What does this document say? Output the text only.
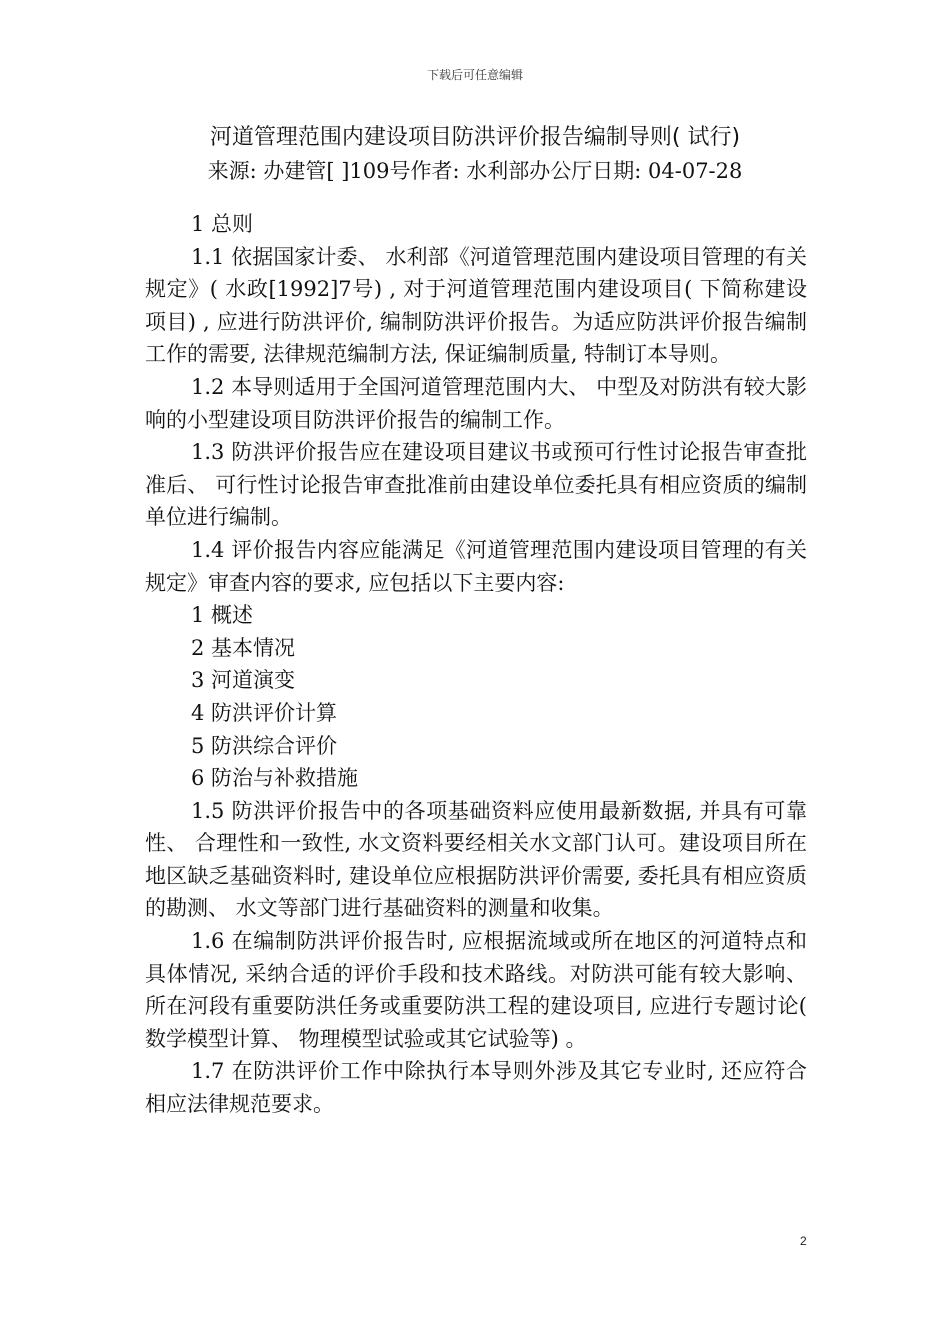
下载后可任意编辑
河道管理范围内建设项目防洪评价报告编制导则( 试行)
来源: 办建管[ ]109号作者: 水利部办公厅日期: 04-07-28

1 总则

1.1 依据国家计委、 水利部《河道管理范围内建设项目管理的有关规定》( 水政[1992]7号) , 对于河道管理范围内建设项目( 下简称建设项目) , 应进行防洪评价, 编制防洪评价报告。为适应防洪评价报告编制工作的需要, 法律规范编制方法, 保证编制质量, 特制订本导则。

1.2 本导则适用于全国河道管理范围内大、 中型及对防洪有较大影响的小型建设项目防洪评价报告的编制工作。

1.3 防洪评价报告应在建设项目建议书或预可行性讨论报告审查批准后、 可行性讨论报告审查批准前由建设单位委托具有相应资质的编制单位进行编制。

1.4 评价报告内容应能满足《河道管理范围内建设项目管理的有关规定》审查内容的要求, 应包括以下主要内容:

1 概述

2 基本情况

3 河道演变

4 防洪评价计算

5 防洪综合评价

6 防治与补救措施

1.5 防洪评价报告中的各项基础资料应使用最新数据, 并具有可靠性、 合理性和一致性, 水文资料要经相关水文部门认可。建设项目所在地区缺乏基础资料时, 建设单位应根据防洪评价需要, 委托具有相应资质的勘测、 水文等部门进行基础资料的测量和收集。

1.6 在编制防洪评价报告时, 应根据流域或所在地区的河道特点和具体情况, 采纳合适的评价手段和技术路线。对防洪可能有较大影响、 所在河段有重要防洪任务或重要防洪工程的建设项目, 应进行专题讨论( 数学模型计算、 物理模型试验或其它试验等) 。

1.7 在防洪评价工作中除执行本导则外涉及其它专业时, 还应符合相应法律规范要求。

2
